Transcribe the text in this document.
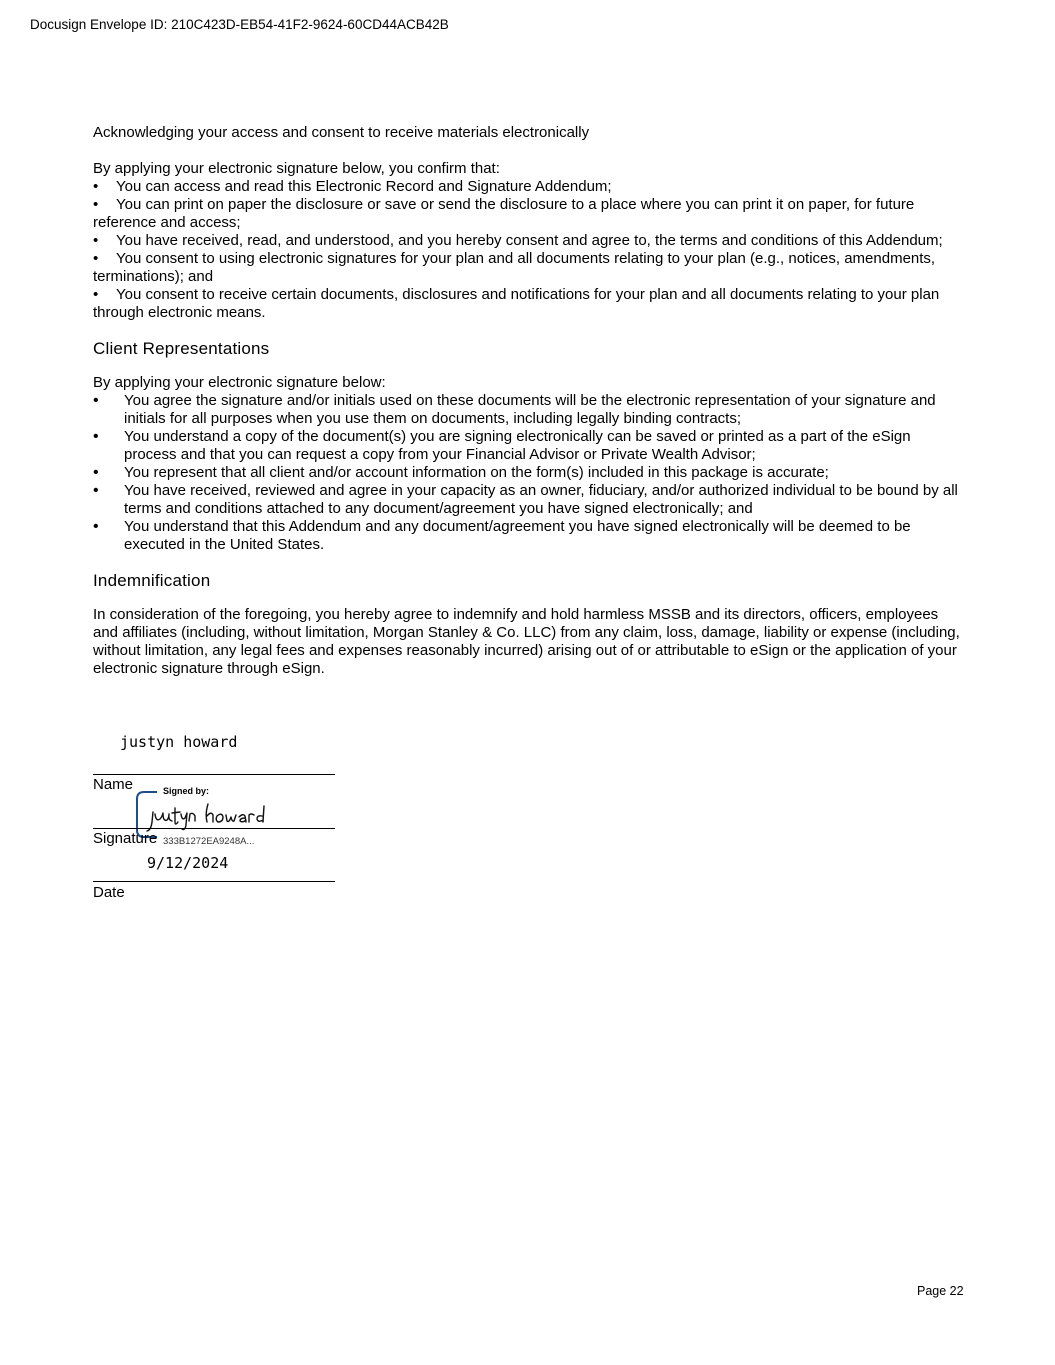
Docusign Envelope ID: 210C423D-EB54-41F2-9624-60CD44ACB42B

Acknowledging your access and consent to receive materials electronically

By applying your electronic signature below, you confirm that:

• You can access and read this Electronic Record and Signature Addendum;
• You can print on paper the disclosure or save or send the disclosure to a place where you can print it on paper, for future reference and access;
• You have received, read, and understood, and you hereby consent and agree to, the terms and conditions of this Addendum;
• You consent to using electronic signatures for your plan and all documents relating to your plan (e.g., notices, amendments, terminations); and
• You consent to receive certain documents, disclosures and notifications for your plan and all documents relating to your plan through electronic means.
Client Representations

By applying your electronic signature below:

• You agree the signature and/or initials used on these documents will be the electronic representation of your signature and initials for all purposes when you use them on documents, including legally binding contracts;
• You understand a copy of the document(s) you are signing electronically can be saved or printed as a part of the eSign process and that you can request a copy from your Financial Advisor or Private Wealth Advisor;
• You represent that all client and/or account information on the form(s) included in this package is accurate;
• You have received, reviewed and agree in your capacity as an owner, fiduciary, and/or authorized individual to be bound by all terms and conditions attached to any document/agreement you have signed electronically; and
• You understand that this Addendum and any document/agreement you have signed electronically will be deemed to be executed in the United States.
Indemnification

In consideration of the foregoing, you hereby agree to indemnify and hold harmless MSSB and its directors, officers, employees and affiliates (including, without limitation, Morgan Stanley & Co. LLC) from any claim, loss, damage, liability or expense (including, without limitation, any legal fees and expenses reasonably incurred) arising out of or attributable to eSign or the application of your electronic signature through eSign.

justyn howard
Name	Signed by:
Signature 333B1272EA9248A...
9/12/2024
Date
Page 22
